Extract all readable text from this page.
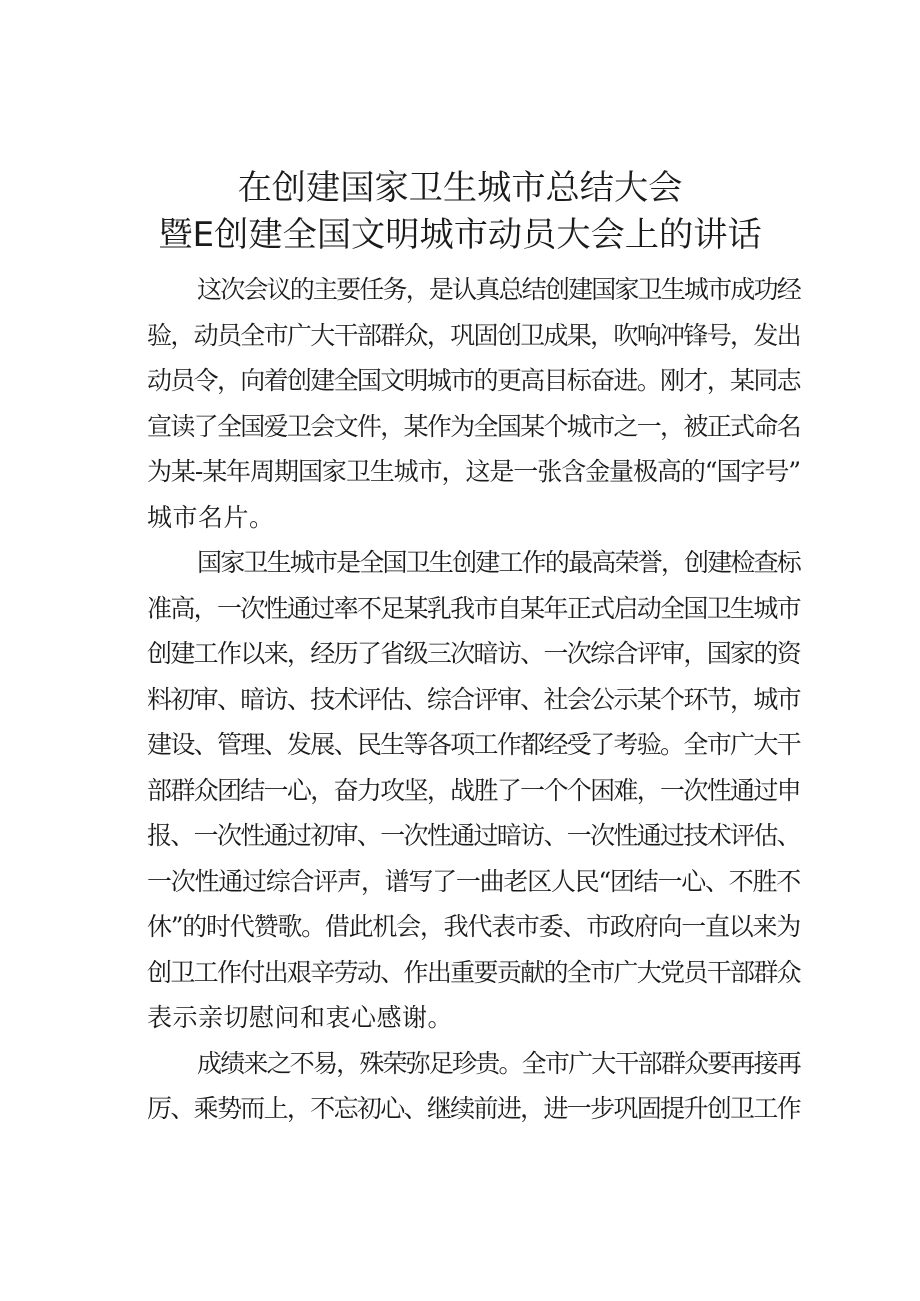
在创建国家卫生城市总结大会
暨E创建全国文明城市动员大会上的讲话
这次会议的主要任务，是认真总结创建国家卫生城市成功经
验，动员全市广大干部群众，巩固创卫成果，吹响冲锋号，发出
动员令，向着创建全国文明城市的更高目标奋进。刚才，某同志
宣读了全国爱卫会文件，某作为全国某个城市之一，被正式命名
为某-某年周期国家卫生城市，这是一张含金量极高的“国字号”
城市名片。
国家卫生城市是全国卫生创建工作的最高荣誉，创建检查标
准高，一次性通过率不足某乳我市自某年正式启动全国卫生城市
创建工作以来，经历了省级三次暗访、一次综合评审，国家的资
料初审、暗访、技术评估、综合评审、社会公示某个环节，城市
建设、管理、发展、民生等各项工作都经受了考验。全市广大干
部群众团结一心，奋力攻坚，战胜了一个个困难，一次性通过申
报、一次性通过初审、一次性通过暗访、一次性通过技术评估、
一次性通过综合评声，谱写了一曲老区人民“团结一心、不胜不
休”的时代赞歌。借此机会，我代表市委、市政府向一直以来为
创卫工作付出艰辛劳动、作出重要贡献的全市广大党员干部群众
表示亲切慰问和衷心感谢。
成绩来之不易，殊荣弥足珍贵。全市广大干部群众要再接再
厉、乘势而上，不忘初心、继续前进，进一步巩固提升创卫工作
